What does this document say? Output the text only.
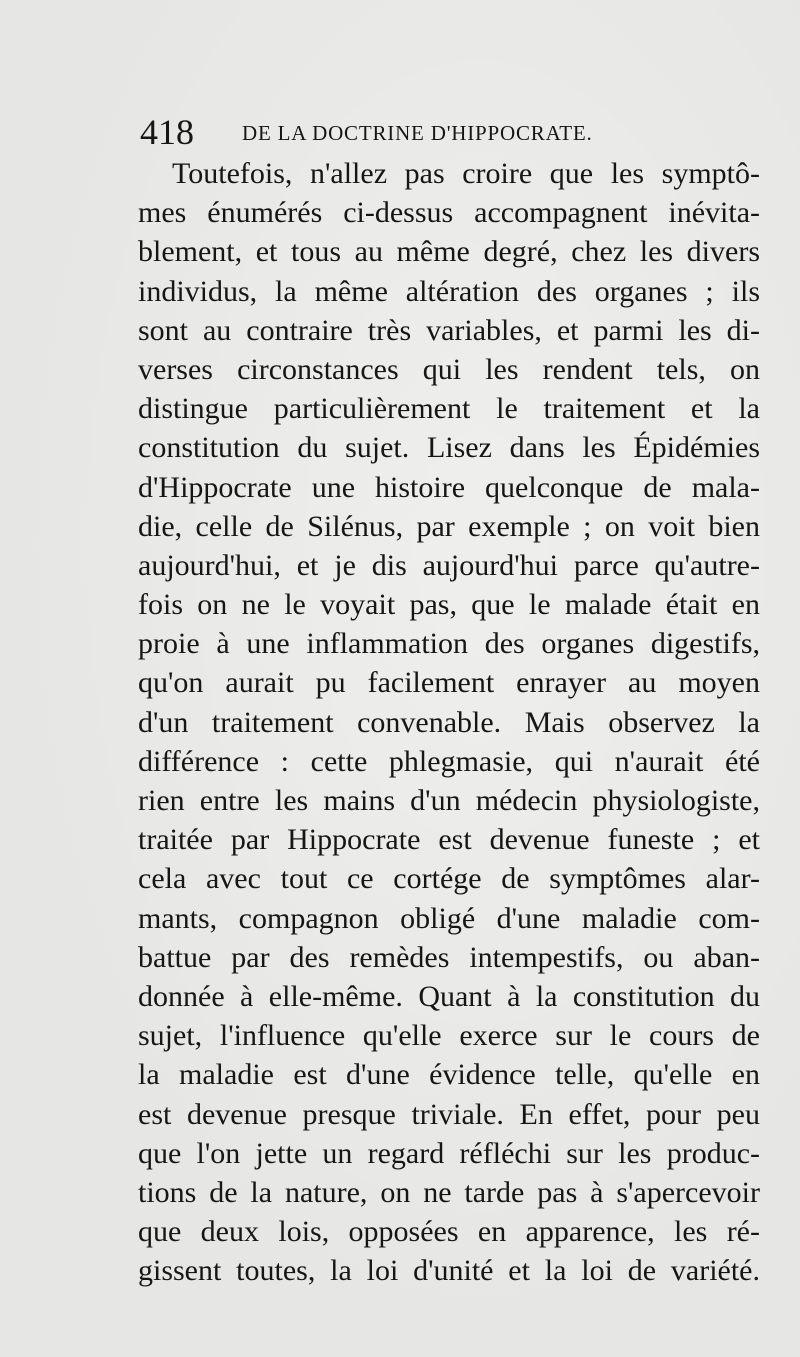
418 DE LA DOCTRINE D'HIPPOCRATE.
Toutefois, n'allez pas croire que les symptô-
mes énumérés ci-dessus accompagnent inévita-
blement, et tous au même degré, chez les divers
individus, la même altération des organes ; ils
sont au contraire très variables, et parmi les di-
verses circonstances qui les rendent tels, on
distingue particulièrement le traitement et la
constitution du sujet. Lisez dans les Épidémies
d'Hippocrate une histoire quelconque de mala-
die, celle de Silénus, par exemple ; on voit bien
aujourd'hui, et je dis aujourd'hui parce qu'autre-
fois on ne le voyait pas, que le malade était en
proie à une inflammation des organes digestifs,
qu'on aurait pu facilement enrayer au moyen
d'un traitement convenable. Mais observez la
différence : cette phlegmasie, qui n'aurait été
rien entre les mains d'un médecin physiologiste,
traitée par Hippocrate est devenue funeste ; et
cela avec tout ce cortége de symptômes alar-
mants, compagnon obligé d'une maladie com-
battue par des remèdes intempestifs, ou aban-
donnée à elle-même. Quant à la constitution du
sujet, l'influence qu'elle exerce sur le cours de
la maladie est d'une évidence telle, qu'elle en
est devenue presque triviale. En effet, pour peu
que l'on jette un regard réfléchi sur les produc-
tions de la nature, on ne tarde pas à s'apercevoir
que deux lois, opposées en apparence, les ré-
gissent toutes, la loi d'unité et la loi de variété.
